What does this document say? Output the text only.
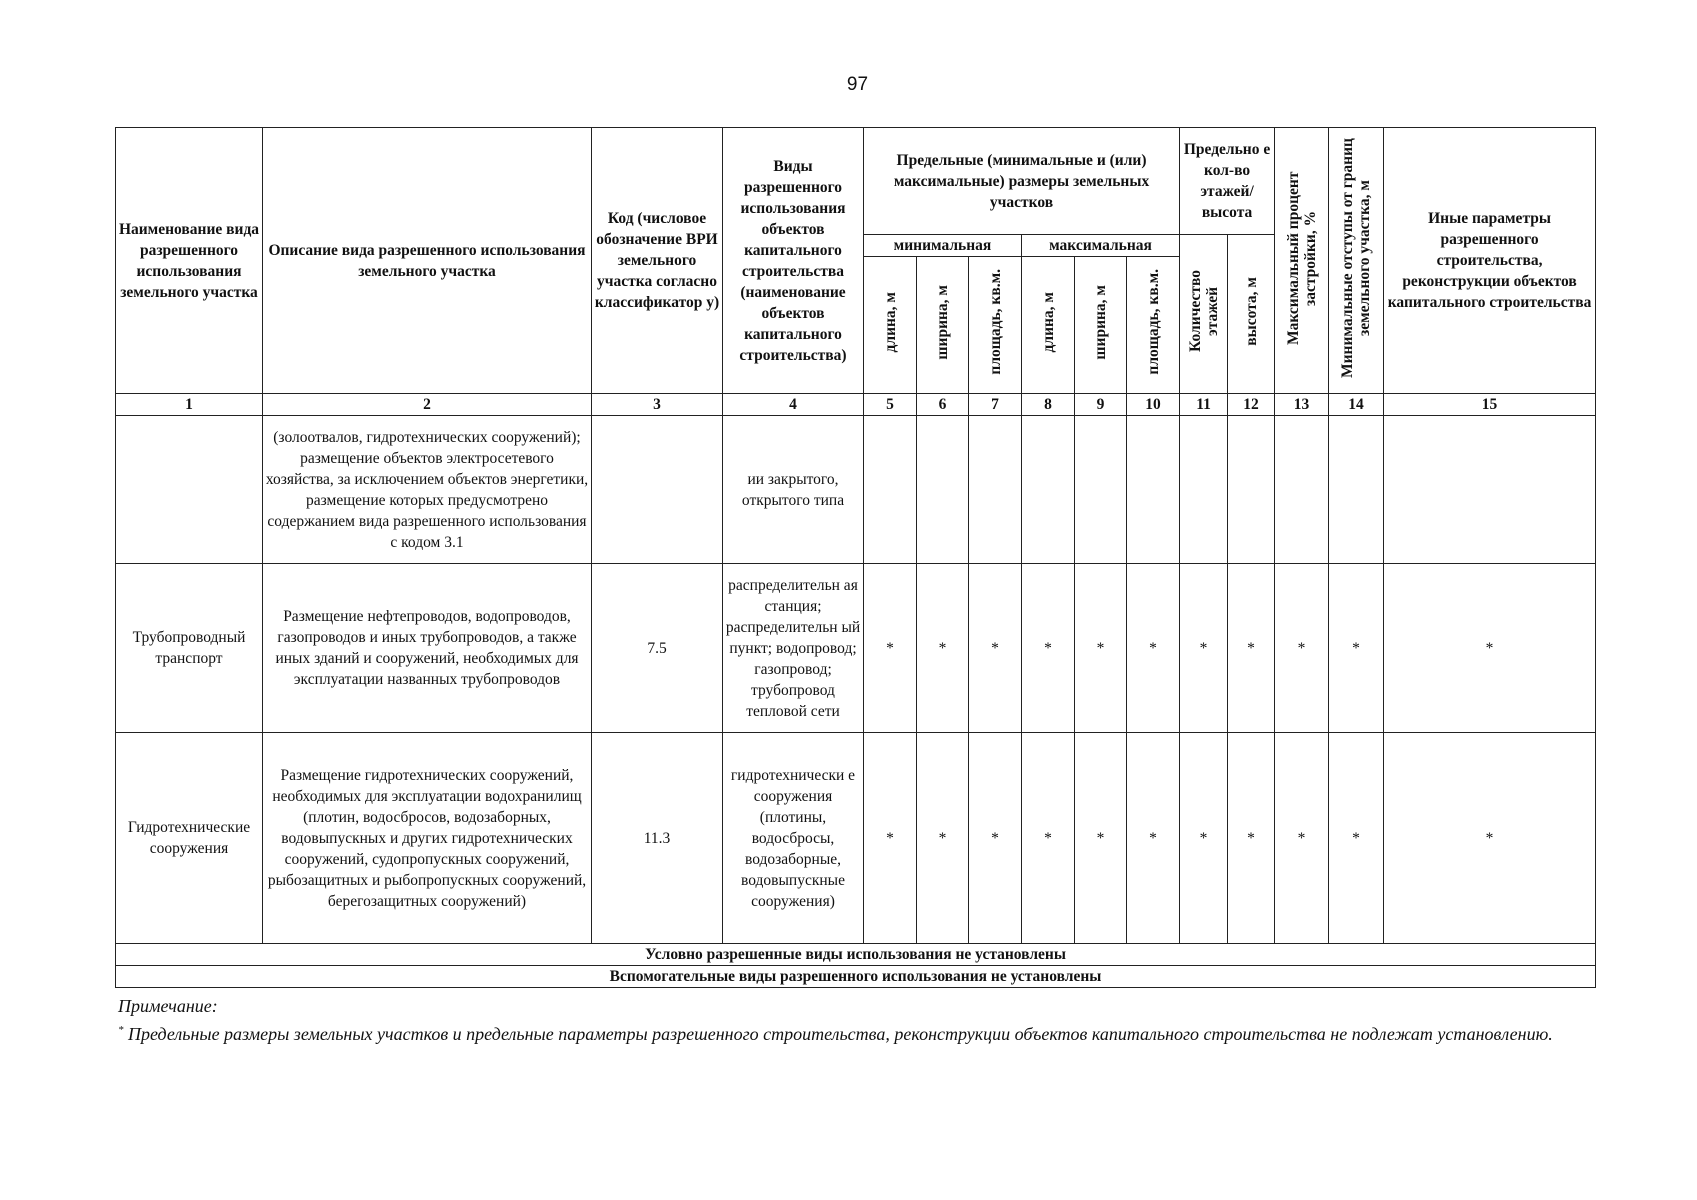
97
Наименование вида разрешенного использования земельного участка	Описание вида разрешенного использования земельного участка	Код (числовое обозначение ВРИ земельного участка согласно классификатор у)	Виды разрешенного использования объектов капитального строительства (наименование объектов капитального строительства)	Предельные (минимальные и (или) максимальные) размеры земельных участков						Предельно е кол-во этажей/ высота		Максимальный процент застройки, %	Минимальные отступы от границ земельного участка, м	Иные параметры разрешенного строительства, реконструкции объектов капитального строительства
				минимальная			максимальная			Количество этажей	высота, м			
				длина, м	ширина, м	площадь, кв.м.	длина, м	ширина, м	площадь, кв.м.					
1	2	3	4	5	6	7	8	9	10	11	12	13	14	15
	(золоотвалов, гидротехнических сооружений); размещение объектов электросетевого хозяйства, за исключением объектов энергетики, размещение которых предусмотрено содержанием вида разрешенного использования с кодом 3.1		ии закрытого, открытого типа											
Трубопроводный транспорт	Размещение нефтепроводов, водопроводов, газопроводов и иных трубопроводов, а также иных зданий и сооружений, необходимых для эксплуатации названных трубопроводов	7.5	распределительн ая станция; распределительн ый пункт; водопровод; газопровод; трубопровод тепловой сети	*	*	*	*	*	*	*	*	*	*	*
Гидротехнические сооружения	Размещение гидротехнических сооружений, необходимых для эксплуатации водохранилищ (плотин, водосбросов, водозаборных, водовыпускных и других гидротехнических сооружений, судопропускных сооружений, рыбозащитных и рыбопропускных сооружений, берегозащитных сооружений)	11.3	гидротехнически е сооружения (плотины, водосбросы, водозаборные, водовыпускные сооружения)	*	*	*	*	*	*	*	*	*	*	*
Условно разрешенные виды использования не установлены														
Вспомогательные виды разрешенного использования не установлены														
Примечание:
* Предельные размеры земельных участков и предельные параметры разрешенного строительства, реконструкции объектов капитального строительства не подлежат установлению.
